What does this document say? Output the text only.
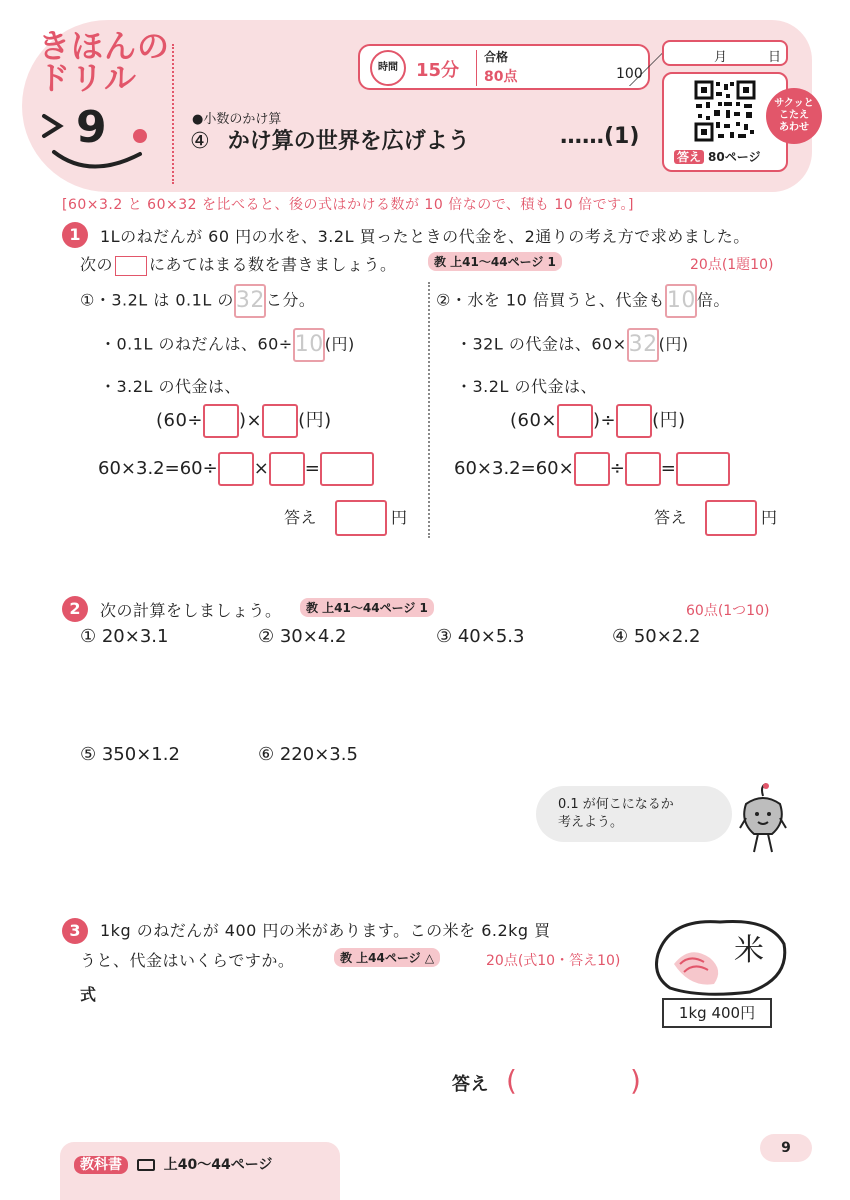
きほんの
ドリル
9
時間	15分
合格
80点	100
月	日
答え 80ページ
サクッと
こたえ
あわせ
●小数のかけ算
④ かけ算の世界を広げよう	……(1)
[60×3.2 と 60×32 を比べると、後の式はかける数が 10 倍なので、積も 10 倍です。]
1	1Lのねだんが 60 円の水を、3.2L 買ったときの代金を、2通りの考え方で求めました。
次の にあてはまる数を書きましょう。	教 上41〜44ページ 1	20点(1題10)
①・3.2L は 0.1L の32こ分。
・0.1L のねだんは、60÷10(円)
・3.2L の代金は、
(60÷ )× (円)
60×3.2=60÷ × =
答え	円
②・水を 10 倍買うと、代金も10倍。
・32L の代金は、60×32(円)
・3.2L の代金は、
(60× )÷ (円)
60×3.2=60× ÷ =
答え	円
2	次の計算をしましょう。	教 上41〜44ページ 1	60点(1つ10)
① 20×3.1	② 30×4.2	③ 40×5.3	④ 50×2.2
⑤ 350×1.2	⑥ 220×3.5
0.1 が何こになるか
考えよう。
3	1kg のねだんが 400 円の米があります。この米を 6.2kg 買
うと、代金はいくらですか。	教 上44ページ △	20点(式10・答え10)
式
米
1kg 400円
答え (	)
教科書	上40〜44ページ
9
